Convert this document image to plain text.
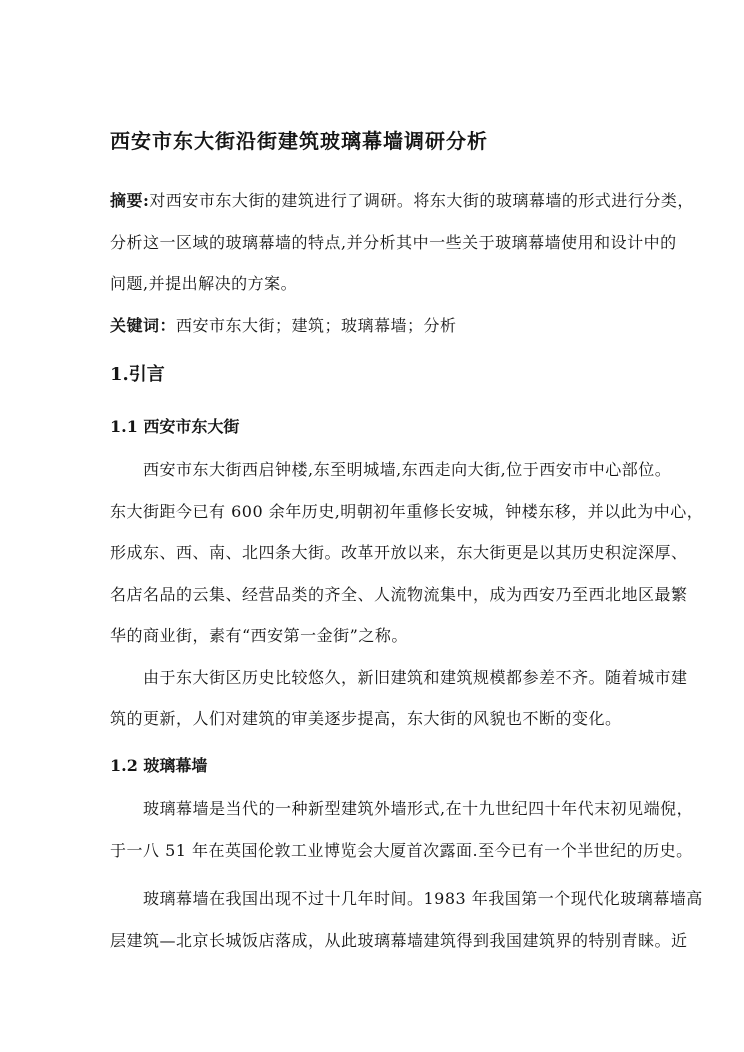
西安市东大街沿街建筑玻璃幕墙调研分析
摘要:对西安市东大街的建筑进行了调研。将东大街的玻璃幕墙的形式进行分类，
分析这一区域的玻璃幕墙的特点,并分析其中一些关于玻璃幕墙使用和设计中的
问题,并提出解决的方案。
关键词：西安市东大街；建筑；玻璃幕墙；分析
1.引言
1.1 西安市东大街
西安市东大街西启钟楼,东至明城墙,东西走向大街,位于西安市中心部位。
东大街距今已有 600 余年历史,明朝初年重修长安城，钟楼东移，并以此为中心，
形成东、西、南、北四条大街。改革开放以来，东大街更是以其历史积淀深厚、
名店名品的云集、经营品类的齐全、人流物流集中，成为西安乃至西北地区最繁
华的商业街，素有“西安第一金街”之称。
由于东大街区历史比较悠久，新旧建筑和建筑规模都参差不齐。随着城市建
筑的更新，人们对建筑的审美逐步提高，东大街的风貌也不断的变化。
1.2 玻璃幕墙
玻璃幕墙是当代的一种新型建筑外墙形式,在十九世纪四十年代末初见端倪，
于一八 51 年在英国伦敦工业博览会大厦首次露面.至今已有一个半世纪的历史。
玻璃幕墙在我国出现不过十几年时间。1983 年我国第一个现代化玻璃幕墙高
层建筑—北京长城饭店落成，从此玻璃幕墙建筑得到我国建筑界的特别青睐。近
